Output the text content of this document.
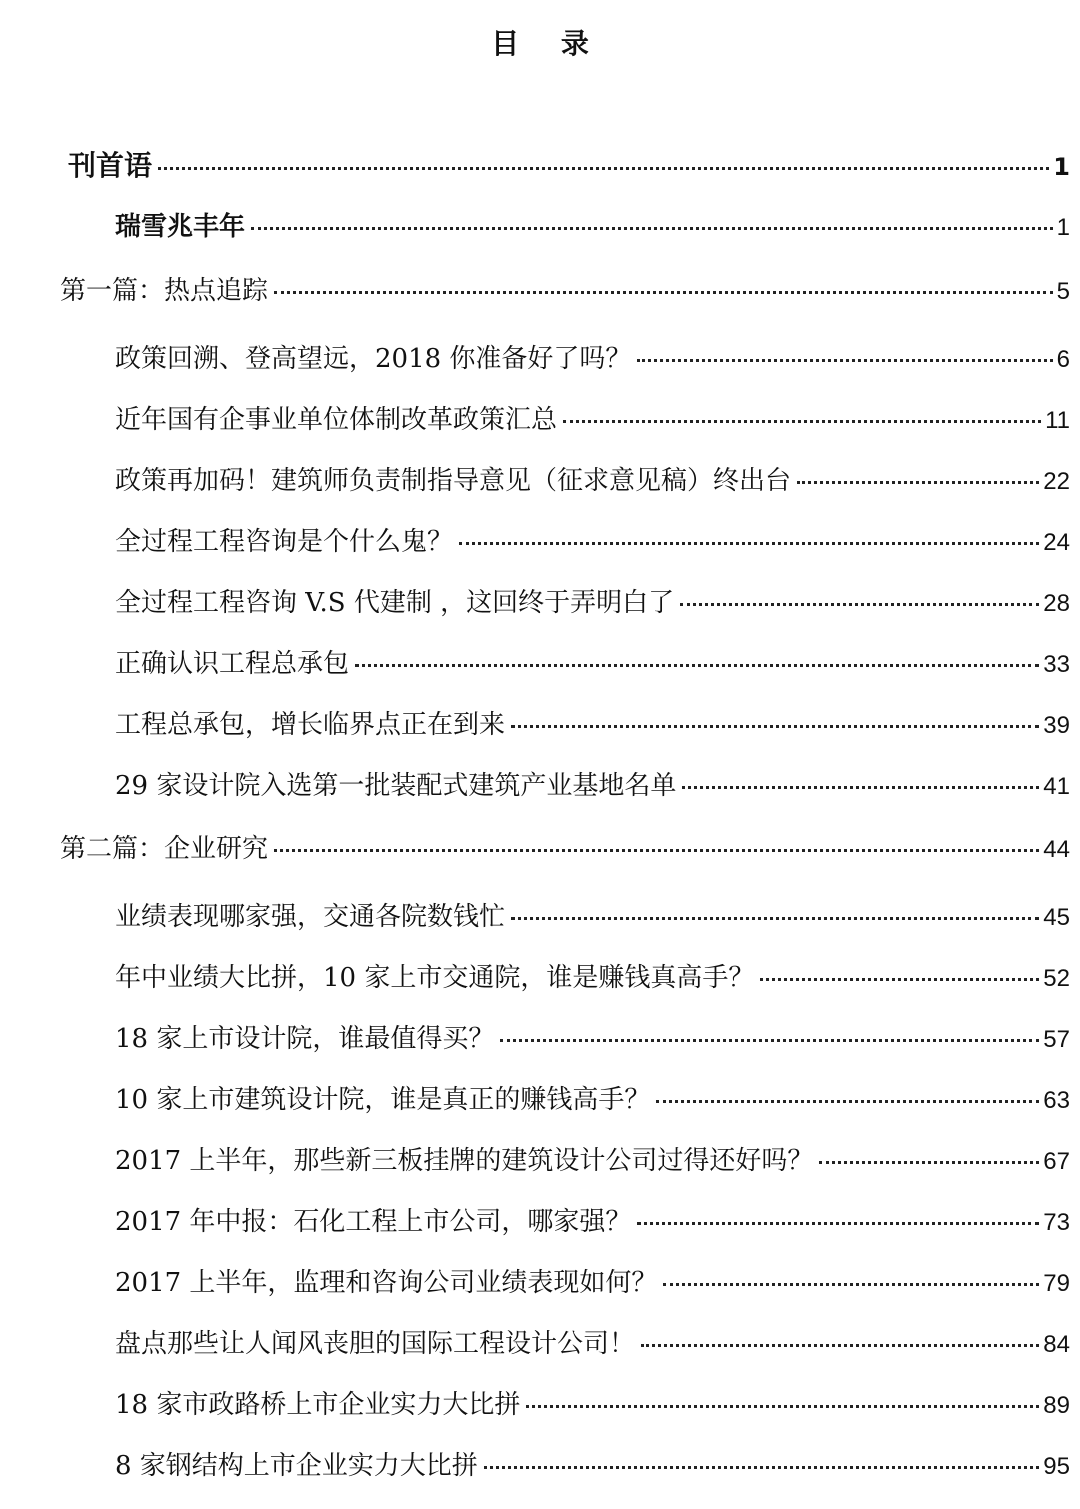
目 录
刊首语	1
瑞雪兆丰年	1
第一篇：热点追踪	5
政策回溯、登高望远，2018 你准备好了吗？	6
近年国有企事业单位体制改革政策汇总	11
政策再加码！建筑师负责制指导意见（征求意见稿）终出台	22
全过程工程咨询是个什么鬼？	24
全过程工程咨询 V.S 代建制 ，这回终于弄明白了	28
正确认识工程总承包	33
工程总承包，增长临界点正在到来	39
29 家设计院入选第一批装配式建筑产业基地名单	41
第二篇：企业研究	44
业绩表现哪家强，交通各院数钱忙	45
年中业绩大比拼，10 家上市交通院，谁是赚钱真高手？	52
18 家上市设计院，谁最值得买？	57
10 家上市建筑设计院，谁是真正的赚钱高手？	63
2017 上半年，那些新三板挂牌的建筑设计公司过得还好吗？	67
2017 年中报：石化工程上市公司，哪家强？	73
2017 上半年，监理和咨询公司业绩表现如何？	79
盘点那些让人闻风丧胆的国际工程设计公司！	84
18 家市政路桥上市企业实力大比拼	89
8 家钢结构上市企业实力大比拼	95
